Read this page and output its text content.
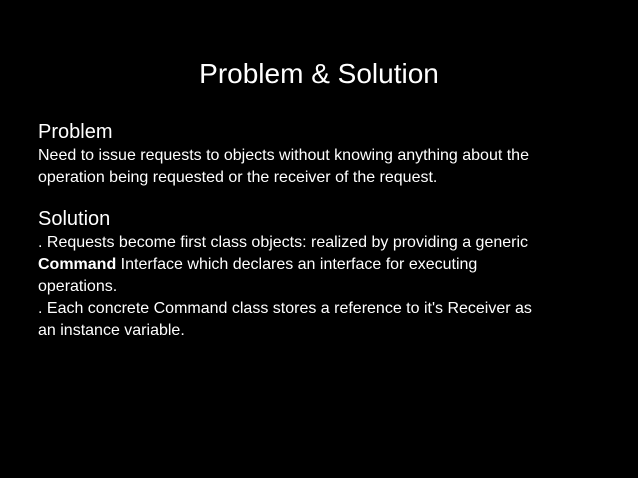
Problem & Solution
Problem
Need to issue requests to objects without knowing anything about the
operation being requested or the receiver of the request.
Solution
. Requests become first class objects: realized by providing a generic
Command Interface which declares an interface for executing
operations.
. Each concrete Command class stores a reference to it's Receiver as
an instance variable.
